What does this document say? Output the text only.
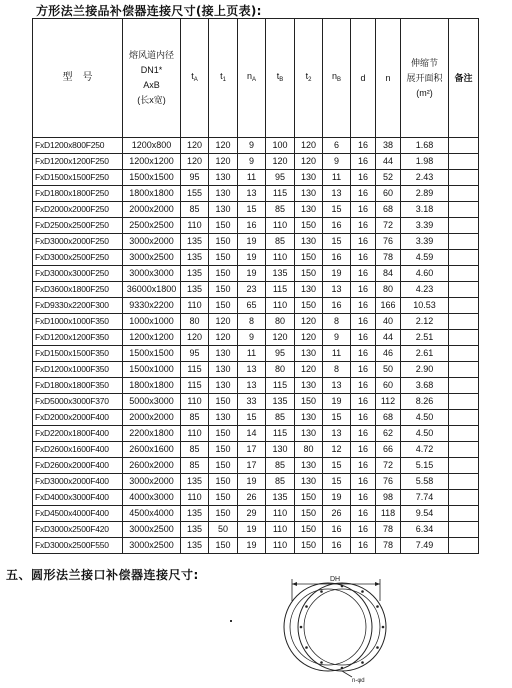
方形法兰接品补偿器连接尺寸(接上页表):
型　号	熔风道内径
DN1*
AxB
(长x宽)	$t_A$	$t_1$	$n_A$	$t_B$	$t_2$	$n_B$	d	n	伸缩节
展开面积
(m²)	备注
FxD1200x800F250	1200x800	120	120	9	100	120	6	16	38	1.68	
FxD1200x1200F250	1200x1200	120	120	9	120	120	9	16	44	1.98	
FxD1500x1500F250	1500x1500	95	130	11	95	130	11	16	52	2.43	
FxD1800x1800F250	1800x1800	155	130	13	115	130	13	16	60	2.89	
FxD2000x2000F250	2000x2000	85	130	15	85	130	15	16	68	3.18	
FxD2500x2500F250	2500x2500	110	150	16	110	150	16	16	72	3.39	
FxD3000x2000F250	3000x2000	135	150	19	85	130	15	16	76	3.39	
FxD3000x2500F250	3000x2500	135	150	19	110	150	16	16	78	4.59	
FxD3000x3000F250	3000x3000	135	150	19	135	150	19	16	84	4.60	
FxD3600x1800F250	36000x1800	135	150	23	115	130	13	16	80	4.23	
FxD9330x2200F300	9330x2200	110	150	65	110	150	16	16	166	10.53	
FxD1000x1000F350	1000x1000	80	120	8	80	120	8	16	40	2.12	
FxD1200x1200F350	1200x1200	120	120	9	120	120	9	16	44	2.51	
FxD1500x1500F350	1500x1500	95	130	11	95	130	11	16	46	2.61	
FxD1200x1000F350	1500x1000	115	130	13	80	120	8	16	50	2.90	
FxD1800x1800F350	1800x1800	115	130	13	115	130	13	16	60	3.68	
FxD5000x3000F370	5000x3000	110	150	33	135	150	19	16	112	8.26	
FxD2000x2000F400	2000x2000	85	130	15	85	130	15	16	68	4.50	
FxD2200x1800F400	2200x1800	110	150	14	115	130	13	16	62	4.50	
FxD2600x1600F400	2600x1600	85	150	17	130	80	12	16	66	4.72	
FxD2600x2000F400	2600x2000	85	150	17	85	130	15	16	72	5.15	
FxD3000x2000F400	3000x2000	135	150	19	85	130	15	16	76	5.58	
FxD4000x3000F400	4000x3000	110	150	26	135	150	19	16	98	7.74	
FxD4500x4000F400	4500x4000	135	150	29	110	150	26	16	118	9.54	
FxD3000x2500F420	3000x2500	135	50	19	110	150	16	16	78	6.34	
FxD3000x2500F550	3000x2500	135	150	19	110	150	16	16	78	7.49	
五、圆形法兰接口补偿器连接尺寸:	DH
n-φd
